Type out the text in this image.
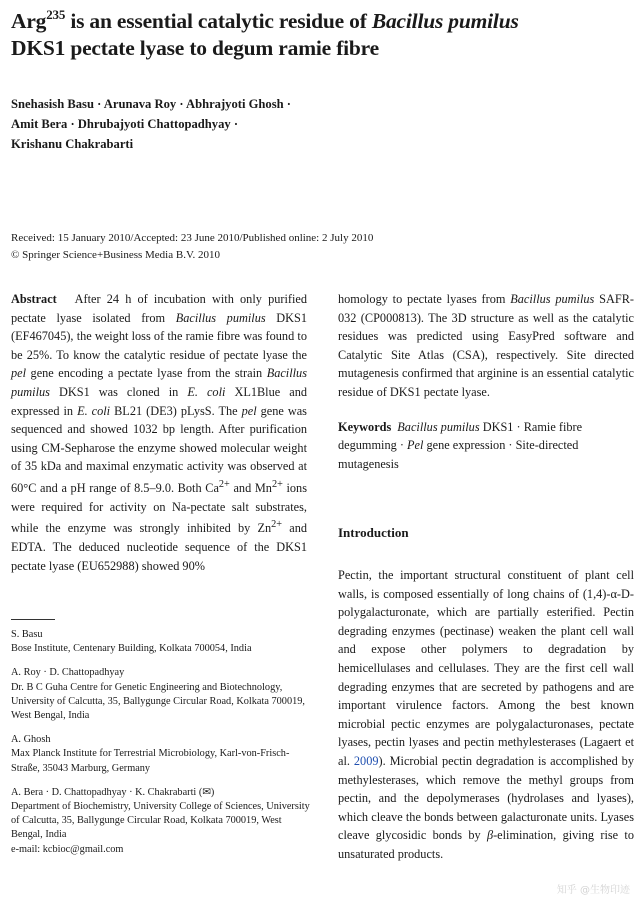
Arg$^{235}$ is an essential catalytic residue of Bacillus pumilus
DKS1 pectate lyase to degum ramie fibre
Snehasish Basu · Arunava Roy · Abhrajyoti Ghosh ·
Amit Bera · Dhrubajyoti Chattopadhyay ·
Krishanu Chakrabarti
Received: 15 January 2010/Accepted: 23 June 2010/Published online: 2 July 2010
© Springer Science+Business Media B.V. 2010

Abstract After 24 h of incubation with only purified pectate lyase isolated from Bacillus pumilus DKS1 (EF467045), the weight loss of the ramie fibre was found to be 25%. To know the catalytic residue of pectate lyase the pel gene encoding a pectate lyase from the strain Bacillus pumilus DKS1 was cloned in E. coli XL1Blue and expressed in E. coli BL21 (DE3) pLysS. The pel gene was sequenced and showed 1032 bp length. After purification using CM-Sepharose the enzyme showed molecular weight of 35 kDa and maximal enzymatic activity was observed at 60°C and a pH range of 8.5–9.0. Both $Ca^{2+}$ and $Mn^{2+}$ ions were required for activity on Na-pectate salt substrates, while the enzyme was strongly inhibited by $Zn^{2+}$ and EDTA. The deduced nucleotide sequence of the DKS1 pectate lyase (EU652988) showed 90%

homology to pectate lyases from Bacillus pumilus SAFR-032 (CP000813). The 3D structure as well as the catalytic residues was predicted using EasyPred software and Catalytic Site Atlas (CSA), respectively. Site directed mutagenesis confirmed that arginine is an essential catalytic residue of DKS1 pectate lyase.

Keywords Bacillus pumilus DKS1 · Ramie fibre degumming · Pel gene expression · Site-directed mutagenesis

Introduction
Pectin, the important structural constituent of plant cell walls, is composed essentially of long chains of (1,4)-α-D-polygalacturonate, which are partially esterified. Pectin degrading enzymes (pectinase) weaken the plant cell wall and expose other polymers to degradation by hemicellulases and cellulases. They are the first cell wall degrading enzymes that are secreted by pathogens and are important virulence factors. Among the best known microbial pectic enzymes are polygalacturonases, pectate lyases, pectin lyases and pectin methylesterases (Lagaert et al. 2009). Microbial pectin degradation is accomplished by methylesterases, which remove the methyl groups from pectin, and the depolymerases (hydrolases and lyases), which cleave the bonds between galacturonate units. Lyases cleave glycosidic bonds by β-elimination, giving rise to unsaturated products.
S. Basu
Bose Institute, Centenary Building, Kolkata 700054, India
A. Roy · D. Chattopadhyay
Dr. B C Guha Centre for Genetic Engineering and Biotechnology, University of Calcutta, 35, Ballygunge Circular Road, Kolkata 700019, West Bengal, India
A. Ghosh
Max Planck Institute for Terrestrial Microbiology, Karl-von-Frisch-Straße, 35043 Marburg, Germany
A. Bera · D. Chattopadhyay · K. Chakrabarti (✉)
Department of Biochemistry, University College of Sciences, University of Calcutta, 35, Ballygunge Circular Road, Kolkata 700019, West Bengal, India
e-mail: kcbioc@gmail.com
知乎 @生物印迹
